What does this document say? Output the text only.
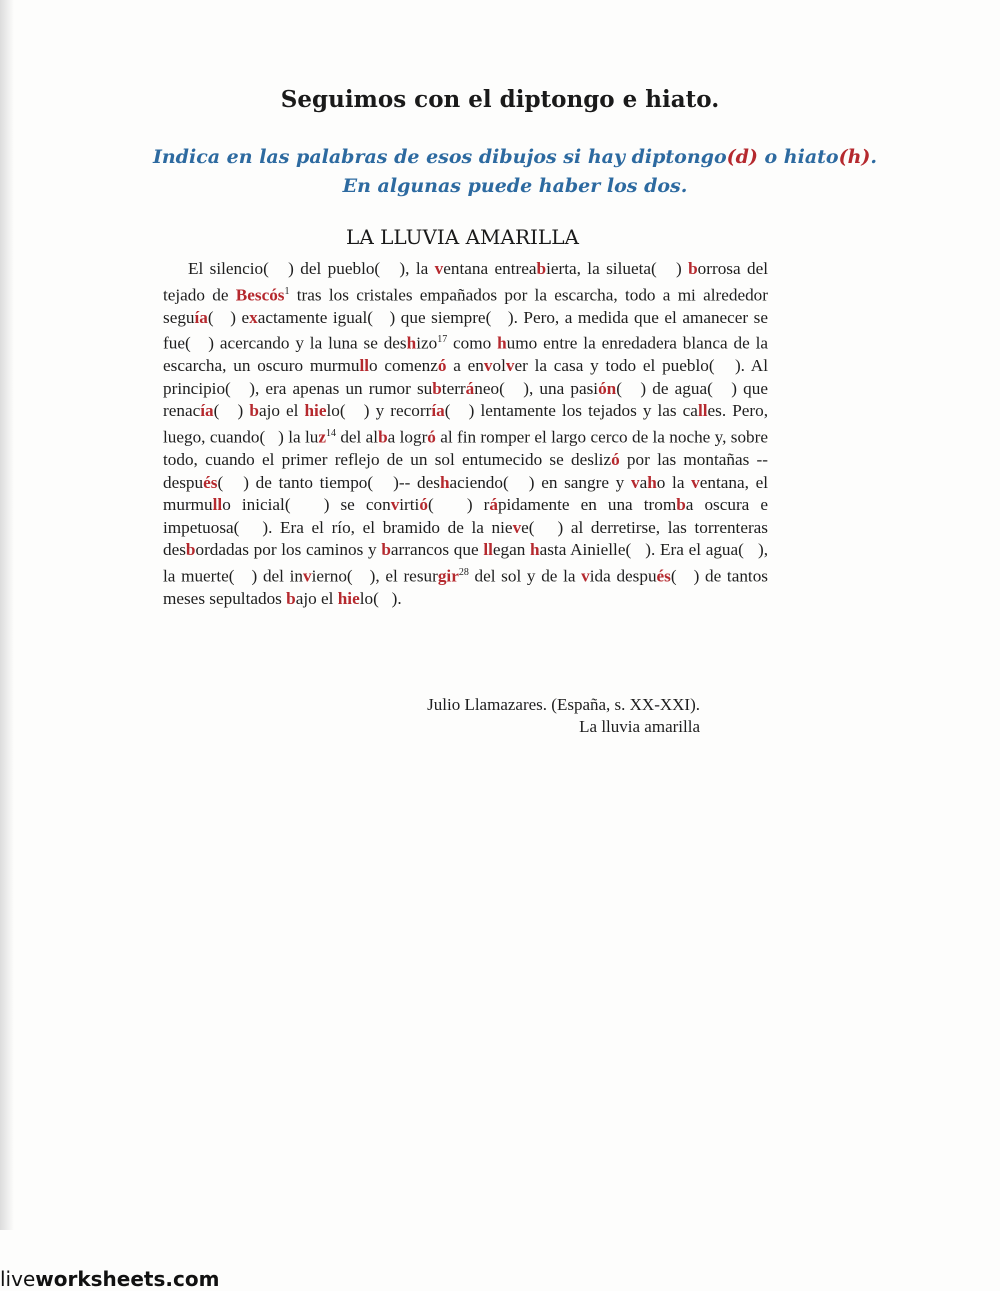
Seguimos con el diptongo e hiato.
Indica en las palabras de esos dibujos si hay diptongo(d) o hiato(h).
En algunas puede haber los dos.
LA LLUVIA AMARILLA

El silencio(   ) del pueblo(   ), la ventana entreabierta, la silueta(   ) borrosa del tejado de Bescós$^1$ tras los cristales empañados por la escarcha, todo a mi alrededor seguía(   ) exactamente igual(   ) que siempre(   ). Pero, a medida que el amanecer se fue(   ) acercando y la luna se deshizo$^{17}$ como humo entre la enredadera blanca de la escarcha, un oscuro murmullo comenzó a envolver la casa y todo el pueblo(   ). Al principio(   ), era apenas un rumor subterráneo(   ), una pasión(   ) de agua(   ) que renacía(   ) bajo el hielo(   ) y recorría(   ) lentamente los tejados y las calles. Pero, luego, cuando(   ) la luz$^{14}$ del alba logró al fin romper el largo cerco de la noche y, sobre todo, cuando el primer reflejo de un sol entumecido se deslizó por las montañas --después(   ) de tanto tiempo(   )-- deshaciendo(   ) en sangre y vaho la ventana, el murmullo inicial(   ) se convirtió(   ) rápidamente en una tromba oscura e impetuosa(   ). Era el río, el bramido de la nieve(   ) al derretirse, las torrenteras desbordadas por los caminos y barrancos que llegan hasta Ainielle(   ). Era el agua(   ), la muerte(   ) del invierno(   ), el resurgir$^{28}$ del sol y de la vida después(   ) de tantos meses sepultados bajo el hielo(   ).

Julio Llamazares. (España, s. XX-XXI).
La lluvia amarilla
liveworksheets.com
